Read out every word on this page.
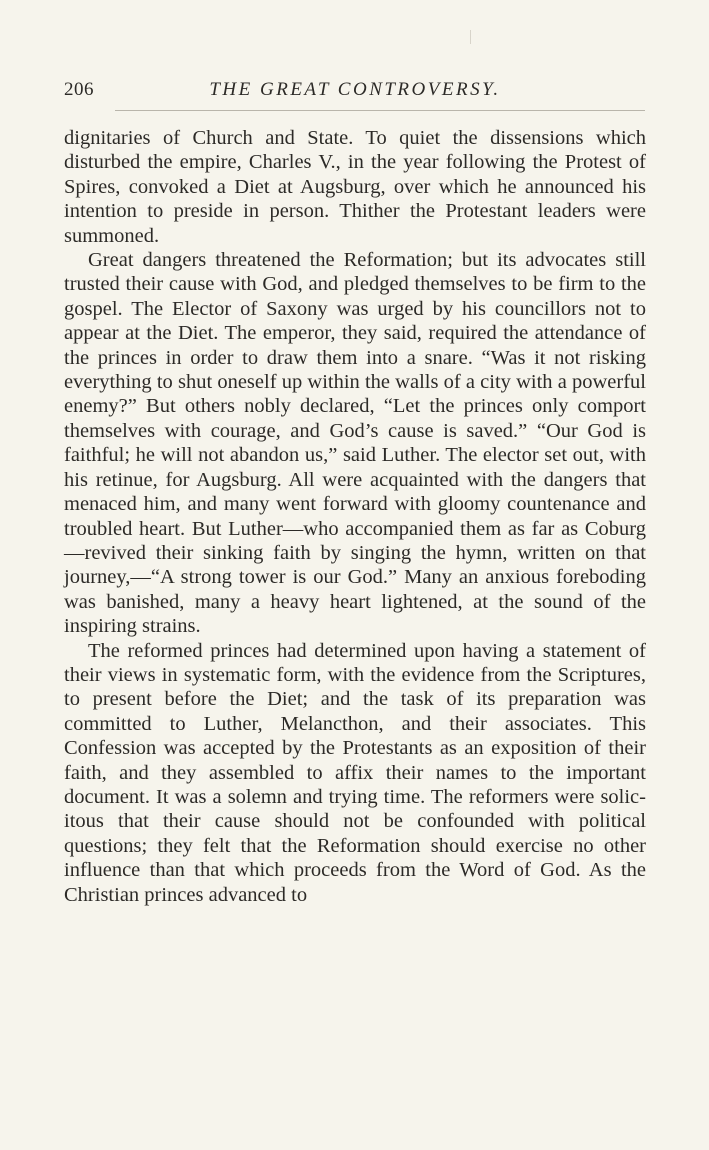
206	THE GREAT CONTROVERSY.

dignitaries of Church and State. To quiet the dissensions which disturbed the empire, Charles V., in the year following the Protest of Spires, convoked a Diet at Augsburg, over which he announced his intention to preside in person. Thither the Protestant leaders were summoned.

Great dangers threatened the Reformation; but its advocates still trusted their cause with God, and pledged themselves to be firm to the gospel. The Elector of Saxony was urged by his councillors not to appear at the Diet. The emperor, they said, required the attendance of the princes in order to draw them into a snare. “Was it not risking everything to shut oneself up within the walls of a city with a powerful enemy?” But others nobly declared, “Let the princes only comport themselves with courage, and God’s cause is saved.” “Our God is faithful; he will not abandon us,” said Luther. The elector set out, with his retinue, for Augsburg. All were acquainted with the dangers that menaced him, and many went forward with gloomy countenance and troubled heart. But Luther—who accompanied them as far as Coburg—revived their sinking faith by singing the hymn, written on that journey,—“A strong tower is our God.” Many an anxious foreboding was banished, many a heavy heart lightened, at the sound of the inspiring strains.

The reformed princes had determined upon having a statement of their views in systematic form, with the evidence from the Scriptures, to present before the Diet; and the task of its preparation was committed to Luther, Melancthon, and their associates. This Confession was accepted by the Protestants as an exposition of their faith, and they assembled to affix their names to the important document. It was a solemn and trying time. The reformers were solicitous that their cause should not be confounded with political questions; they felt that the Reformation should exercise no other influence than that which proceeds from the Word of God. As the Christian princes advanced to
